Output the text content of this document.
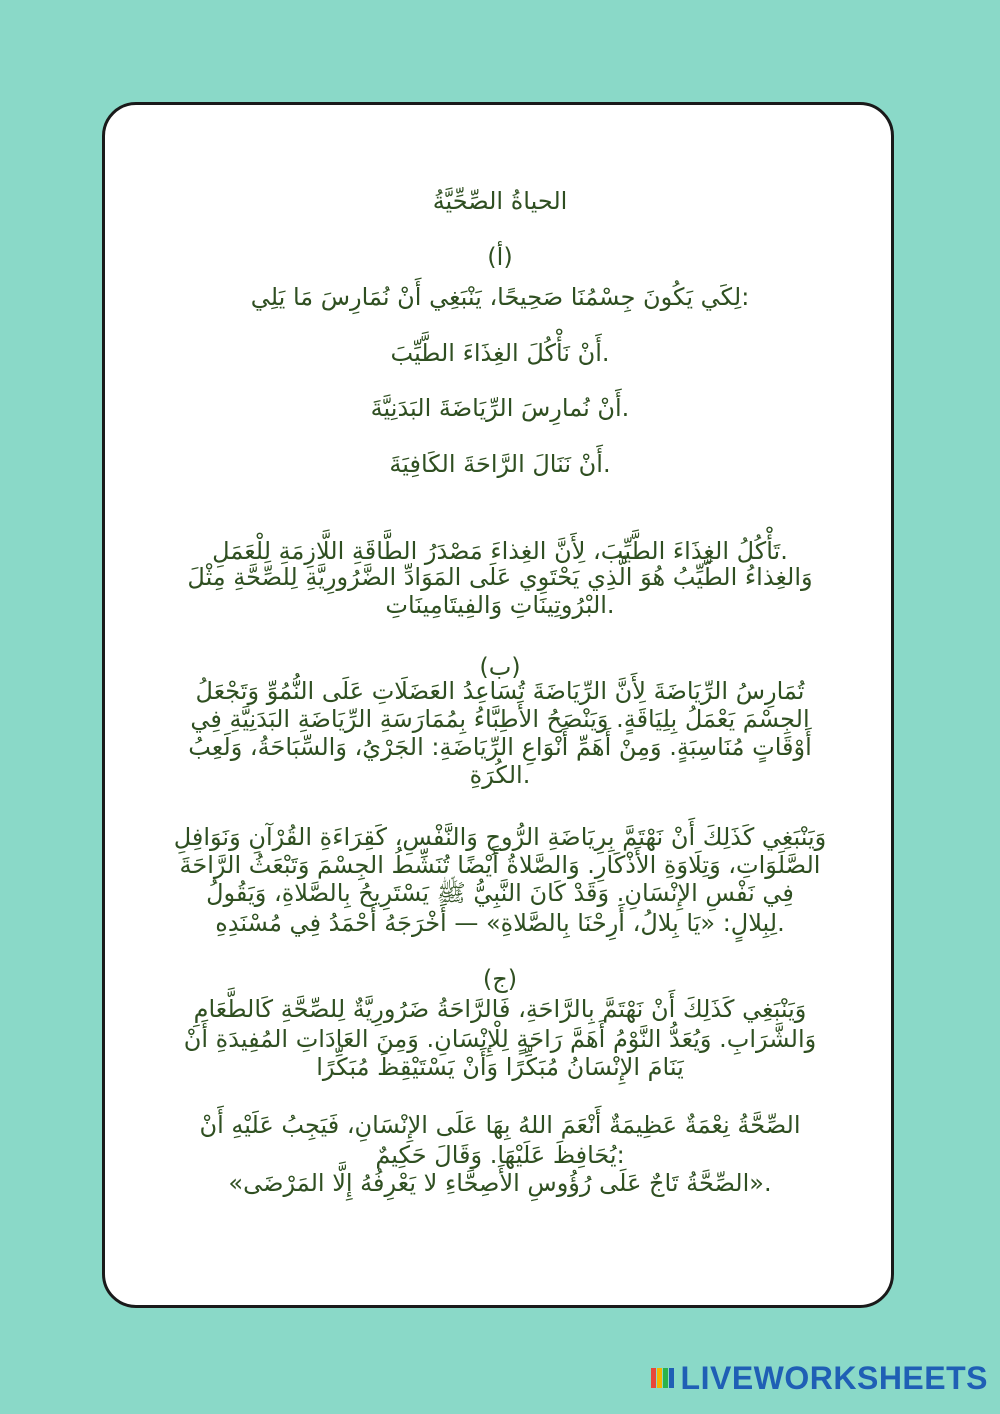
الحياةُ الصِّحِّيَّةُ
(أ)
:لِكَي يَكُونَ جِسْمُنَا صَحِيحًا، يَنْبَغِي أَنْ نُمَارِسَ مَا يَلِي
.أَنْ نَأْكُلَ الغِذَاءَ الطَّيِّبَ
.أَنْ نُمارِسَ الرِّيَاضَةَ البَدَنِيَّةَ
.أَنْ نَنَالَ الرَّاحَةَ الكَافِيَةَ
.تَأْكُلُ الغِذَاءَ الطَّيِّبَ، لِأَنَّ الغِذاءَ مَصْدَرُ الطَّاقَةِ اللَّازِمَةِ لِلْعَمَلِ
وَالغِذاءُ الطَّيِّبُ هُوَ الَّذِي يَحْتَوِي عَلَى المَوَادِّ الضَّرُورِيَّةِ لِلصِّحَّةِ مِثْلَ
.البْرُوتِينَاتِ وَالفِيتَامِينَاتِ
(ب)
تُمَارِسُ الرِّيَاضَةَ لِأَنَّ الرِّيَاضَةَ تُسَاعِدُ العَضَلَاتِ عَلَى النُّمُوِّ وَتَجْعَلُ
الجِسْمَ يَعْمَلُ بِلِيَاقَةٍ. وَيَنْصَحُ الأَطِبَّاءُ بِمُمَارَسَةِ الرِّيَاضَةِ البَدَنِيَّةِ فِي
أَوْقَاتٍ مُنَاسِبَةٍ. وَمِنْ أَهَمِّ أَنْوَاعِ الرِّيَاضَةِ: الجَرْيُ، وَالسِّبَاحَةُ، وَلَعِبُ
.الكُرَةِ
وَيَنْبَغِي كَذَلِكَ أَنْ نَهْتَمَّ بِرِيَاضَةِ الرُّوحِ وَالنَّفْسِ، كَقِرَاءَةِ القُرْآنِ وَنَوَافِلِ
الصَّلَوَاتِ، وَتِلَاوَةِ الأَذْكَارِ. وَالصَّلاةُ أَيْضًا تُنَشِّطُ الجِسْمَ وَتَبْعَثُ الرَّاحَةَ
فِي نَفْسِ الإِنْسَانِ. وَقَدْ كَانَ النَّبِيُّ ﷺ يَسْتَرِيحُ بِالصَّلاةِ، وَيَقُولُ
.لِبِلالٍ: «يَا بِلالُ، أَرِحْنَا بِالصَّلاةِ» — أَخْرَجَهُ أَحْمَدُ فِي مُسْنَدِهِ
(ج)
وَيَنْبَغِي كَذَلِكَ أَنْ نَهْتَمَّ بِالرَّاحَةِ، فَالرَّاحَةُ ضَرُورِيَّةٌ لِلصِّحَّةِ كَالطَّعَامِ
وَالشَّرَابِ. وَيُعَدُّ النَّوْمُ أَهَمَّ رَاحَةٍ لِلْإِنْسَانِ. وَمِنَ العَادَاتِ المُفِيدَةِ أَنْ
يَنَامَ الإِنْسَانُ مُبَكِّرًا وَأَنْ يَسْتَيْقِظَ مُبَكِّرًا
الصِّحَّةُ نِعْمَةٌ عَظِيمَةٌ أَنْعَمَ اللهُ بِهَا عَلَى الإِنْسَانِ، فَيَجِبُ عَلَيْهِ أَنْ
:يُحَافِظَ عَلَيْهَا. وَقَالَ حَكِيمٌ
.«الصِّحَّةُ تَاجٌ عَلَى رُؤُوسِ الأَصِحَّاءِ لا يَعْرِفُهُ إِلَّا المَرْضَى»
LIVEWORKSHEETS
